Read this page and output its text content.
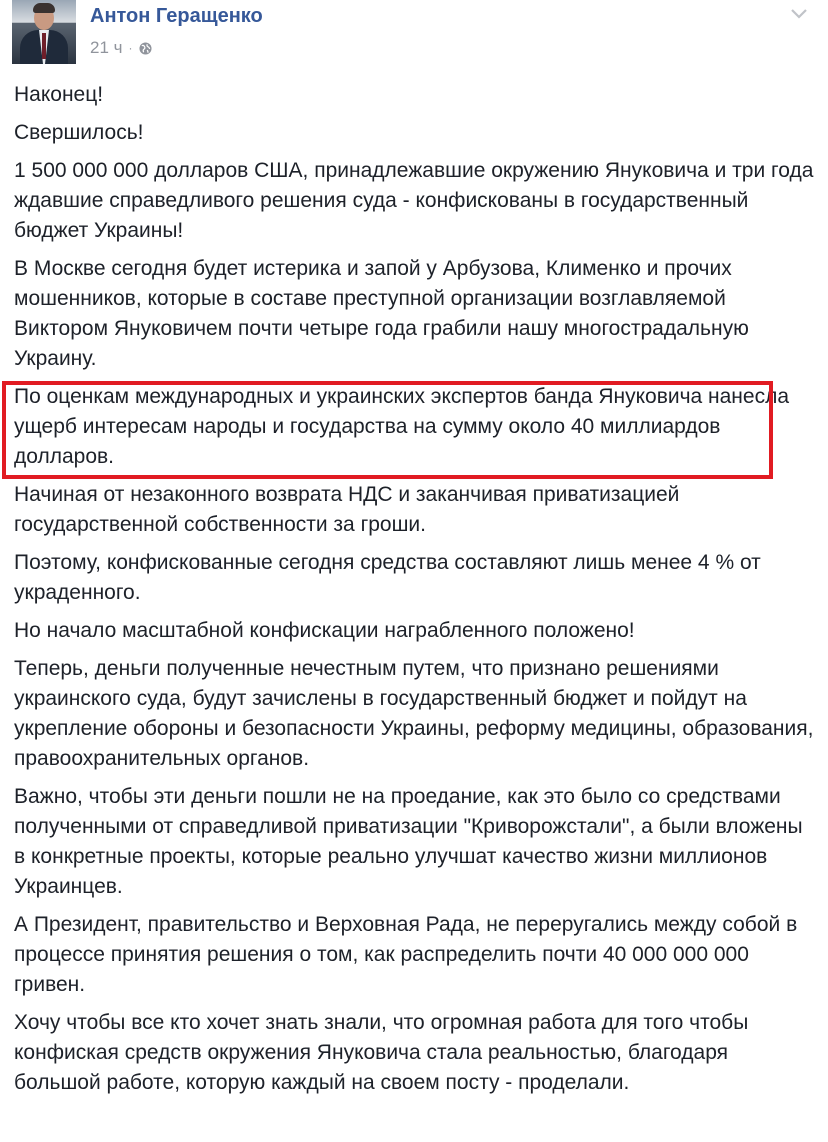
Антон Геращенко
21 ч ·

Наконец!

Свершилось!

1 500 000 000 долларов США, принадлежавшие окружению Януковича и три года ждавшие справедливого решения суда - конфискованы в государственный бюджет Украины!

В Москве сегодня будет истерика и запой у Арбузова, Клименко и прочих мошенников, которые в составе преступной организации возглавляемой Виктором Януковичем почти четыре года грабили нашу многострадальную Украину.

По оценкам международных и украинских экспертов банда Януковича нанесла ущерб интересам народы и государства на сумму около 40 миллиардов долларов.

Начиная от незаконного возврата НДС и заканчивая приватизацией государственной собственности за гроши.

Поэтому, конфискованные сегодня средства составляют лишь менее 4 % от украденного.

Но начало масштабной конфискации награбленного положено!

Теперь, деньги полученные нечестным путем, что признано решениями украинского суда, будут зачислены в государственный бюджет и пойдут на укрепление обороны и безопасности Украины, реформу медицины, образования, правоохранительных органов.

Важно, чтобы эти деньги пошли не на проедание, как это было со средствами полученными от справедливой приватизации "Криворожстали", а были вложены в конкретные проекты, которые реально улучшат качество жизни миллионов Украинцев.

А Президент, правительство и Верховная Рада, не переругались между собой в процессе принятия решения о том, как распределить почти 40 000 000 000 гривен.

Хочу чтобы все кто хочет знать знали, что огромная работа для того чтобы конфиская средств окружения Януковича стала реальностью, благодаря большой работе, которую каждый на своем посту - проделали.
